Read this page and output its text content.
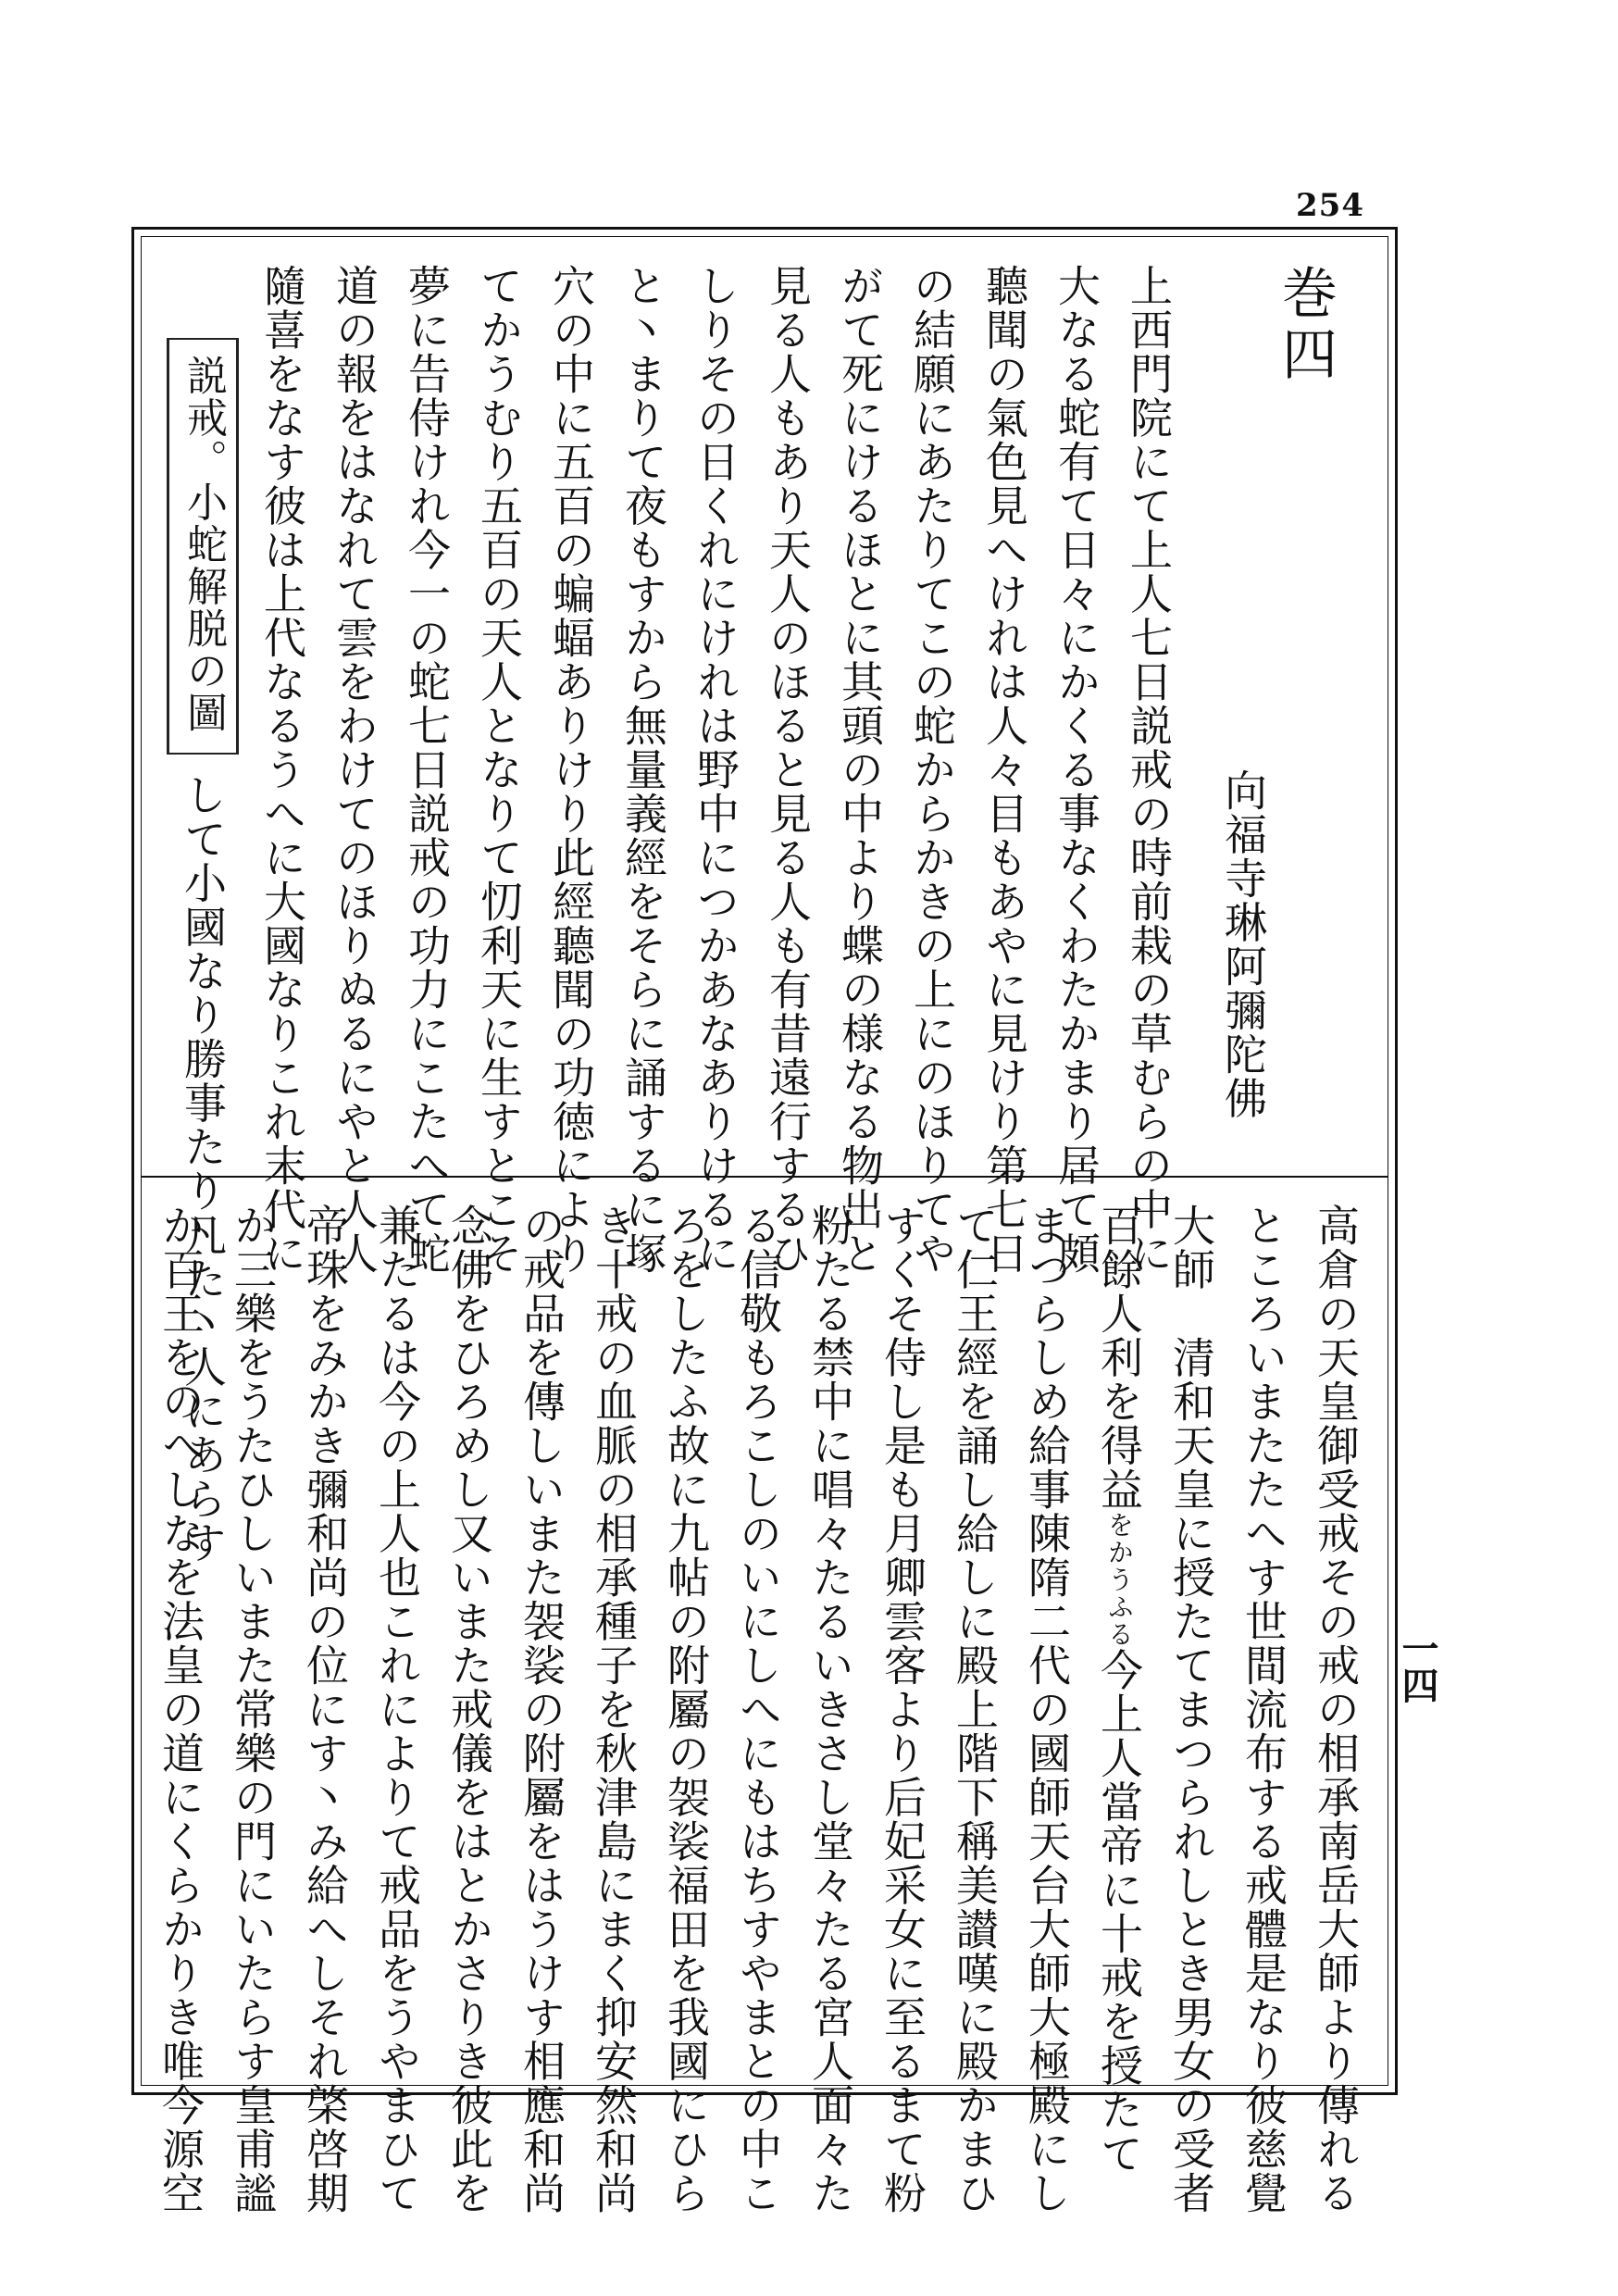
254
巻四
向福寺琳阿彌陀佛
上西門院にて上人七日説戒の時前栽の草むらの中に
大なる蛇有て日々にかくる事なくわたかまり居て頗
聽聞の氣色見へけれは人々目もあやに見けり第七日
の結願にあたりてこの蛇からかきの上にのほりてや
がて死にけるほとに其頭の中より蝶の様なる物出と
見る人もあり天人のほると見る人も有昔遠行するひ
しりその日くれにけれは野中につかあなありけるに
と丶まりて夜もすから無量義經をそらに誦するに塚
穴の中に五百の蝙蝠ありけり此經聽聞の功徳により
てかうむり五百の天人となりて忉利天に生すとこそ
夢に告侍けれ今一の蛇七日説戒の功力にこたへて蛇
道の報をはなれて雲をわけてのほりぬるにやと人人
隨喜をなす彼は上代なるうへに大國なりこれ末代に
説戒。小蛇解脱の圖
して小國なり勝事たり凡た丶人にあらす
高倉の天皇御受戒その戒の相承南岳大師より傳れる
ところいまたたへす世間流布する戒體是なり彼慈覺
大師　清和天皇に授たてまつられしとき男女の受者
百餘人利を得益をかうふる今上人當帝に十戒を授たて
まつらしめ給事陳隋二代の國師天台大師大極殿にし
て仁王經を誦し給しに殿上階下稱美讃嘆に殿かまひ
すくそ侍し是も月卿雲客より后妃采女に至るまて粉
粉たる禁中に唱々たるいきさし堂々たる宮人面々た
る信敬もろこしのいにしへにもはちすやまとの中こ
ろをしたふ故に九帖の附屬の袈裟福田を我國にひら
き十戒の血脈の相承種子を秋津島にまく抑安然和尚
の戒品を傳しいまた袈裟の附屬をはうけす相應和尚
念佛をひろめし又いまた戒儀をはとかさりき彼此を
兼たるは今の上人也これによりて戒品をうやまひて
帝珠をみかき彌和尚の位にす丶み給へしそれ棨啓期
か三樂をうたひしいまた常樂の門にいたらす皇甫謐
か百王をのへしなを法皇の道にくらかりき唯今源空	一四
